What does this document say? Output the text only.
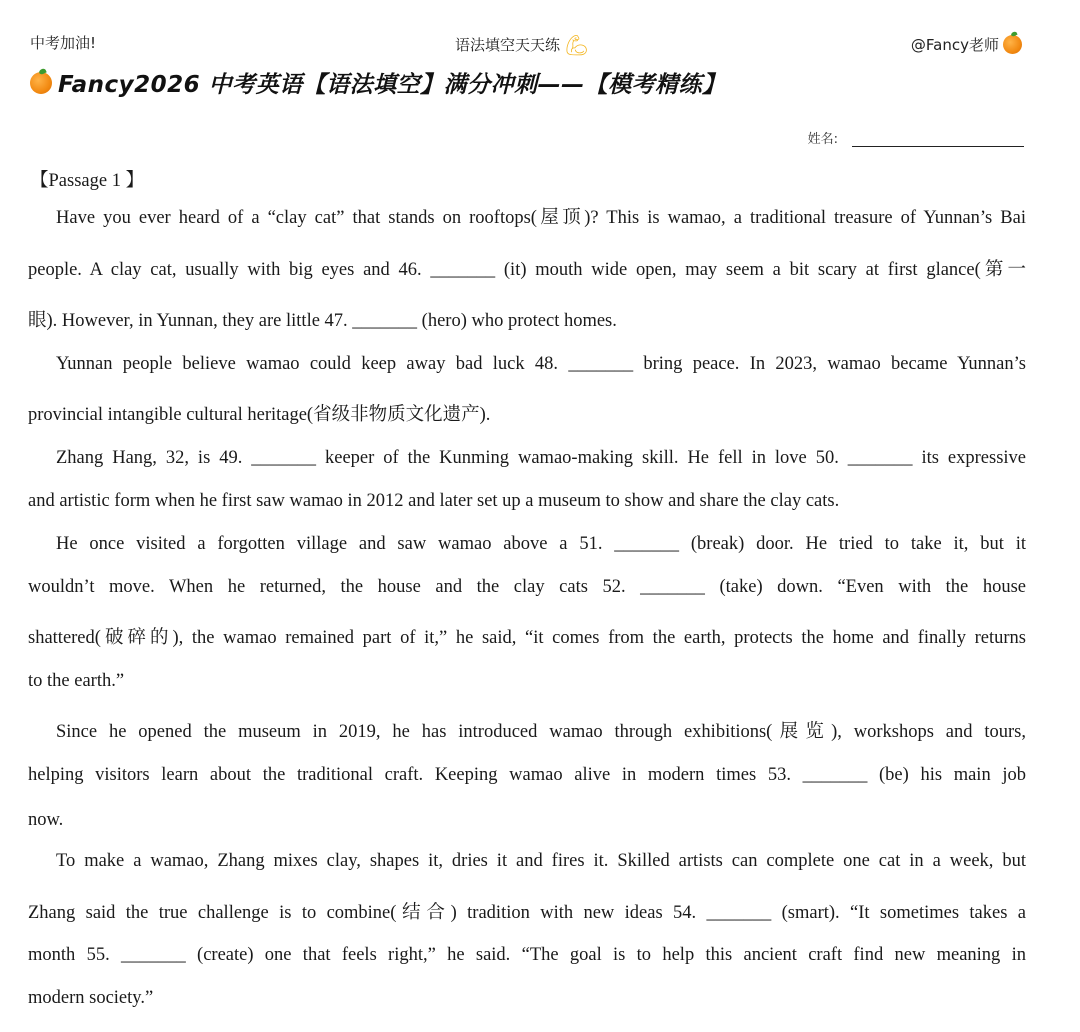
中考加油!	语法填空天天练 💪︎	@Fancy老师
Fancy2026 中考英语【语法填空】满分冲刺——【模考精练】
姓名:
【Passage 1 】
Have you ever heard of a “clay cat” that stands on rooftops(屋顶)? This is wamao, a traditional treasure of Yunnan’s Bai
people. A clay cat, usually with big eyes and 46. _______ (it) mouth wide open, may seem a bit scary at first glance(第一
眼). However, in Yunnan, they are little 47. _______ (hero) who protect homes.
Yunnan people believe wamao could keep away bad luck 48. _______ bring peace. In 2023, wamao became Yunnan’s
provincial intangible cultural heritage(省级非物质文化遗产).
Zhang Hang, 32, is 49. _______ keeper of the Kunming wamao-making skill. He fell in love 50. _______ its expressive
and artistic form when he first saw wamao in 2012 and later set up a museum to show and share the clay cats.
He once visited a forgotten village and saw wamao above a 51. _______ (break) door. He tried to take it, but it
wouldn’t move. When he returned, the house and the clay cats 52. _______ (take) down. “Even with the house
shattered(破碎的), the wamao remained part of it,” he said, “it comes from the earth, protects the home and finally returns
to the earth.”
Since he opened the museum in 2019, he has introduced wamao through exhibitions(展览), workshops and tours,
helping visitors learn about the traditional craft. Keeping wamao alive in modern times 53. _______ (be) his main job
now.
To make a wamao, Zhang mixes clay, shapes it, dries it and fires it. Skilled artists can complete one cat in a week, but
Zhang said the true challenge is to combine(结合) tradition with new ideas 54. _______ (smart). “It sometimes takes a
month 55. _______ (create) one that feels right,” he said. “The goal is to help this ancient craft find new meaning in
modern society.”
